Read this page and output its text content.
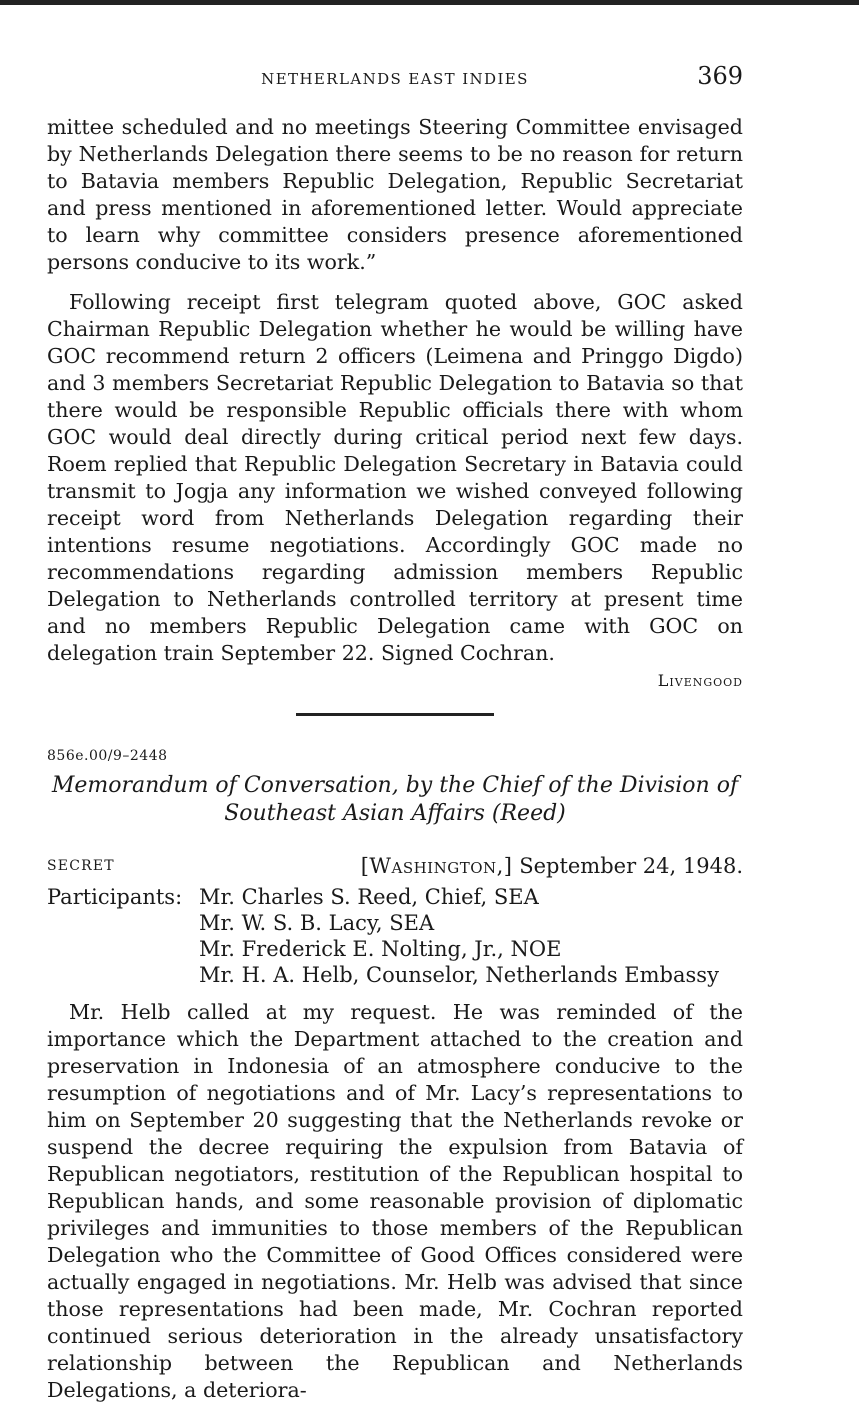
NETHERLANDS EAST INDIES	369

mittee scheduled and no meetings Steering Committee envisaged by Netherlands Delegation there seems to be no reason for return to Batavia members Republic Delegation, Republic Secretariat and press mentioned in aforementioned letter. Would appreciate to learn why committee considers presence aforementioned persons conducive to its work.”

Following receipt first telegram quoted above, GOC asked Chairman Republic Delegation whether he would be willing have GOC recommend return 2 officers (Leimena and Pringgo Digdo) and 3 members Secretariat Republic Delegation to Batavia so that there would be responsible Republic officials there with whom GOC would deal directly during critical period next few days. Roem replied that Republic Delegation Secretary in Batavia could transmit to Jogja any information we wished conveyed following receipt word from Netherlands Delegation regarding their intentions resume negotiations. Accordingly GOC made no recommendations regarding admission members Republic Delegation to Netherlands controlled territory at present time and no members Republic Delegation came with GOC on delegation train September 22. Signed Cochran.

Livengood
856e.00/9–2448
Memorandum of Conversation, by the Chief of the Division of
Southeast Asian Affairs (Reed)
SECRET	[Washington,] September 24, 1948.
Participants: Mr. Charles S. Reed, Chief, SEA
Mr. W. S. B. Lacy, SEA
Mr. Frederick E. Nolting, Jr., NOE
Mr. H. A. Helb, Counselor, Netherlands Embassy

Mr. Helb called at my request. He was reminded of the importance which the Department attached to the creation and preservation in Indonesia of an atmosphere conducive to the resumption of negotiations and of Mr. Lacy’s representations to him on September 20 suggesting that the Netherlands revoke or suspend the decree requiring the expulsion from Batavia of Republican negotiators, restitution of the Republican hospital to Republican hands, and some reasonable provision of diplomatic privileges and immunities to those members of the Republican Delegation who the Committee of Good Offices considered were actually engaged in negotiations. Mr. Helb was advised that since those representations had been made, Mr. Cochran reported continued serious deterioration in the already unsatisfactory relationship between the Republican and Netherlands Delegations, a deteriora-
